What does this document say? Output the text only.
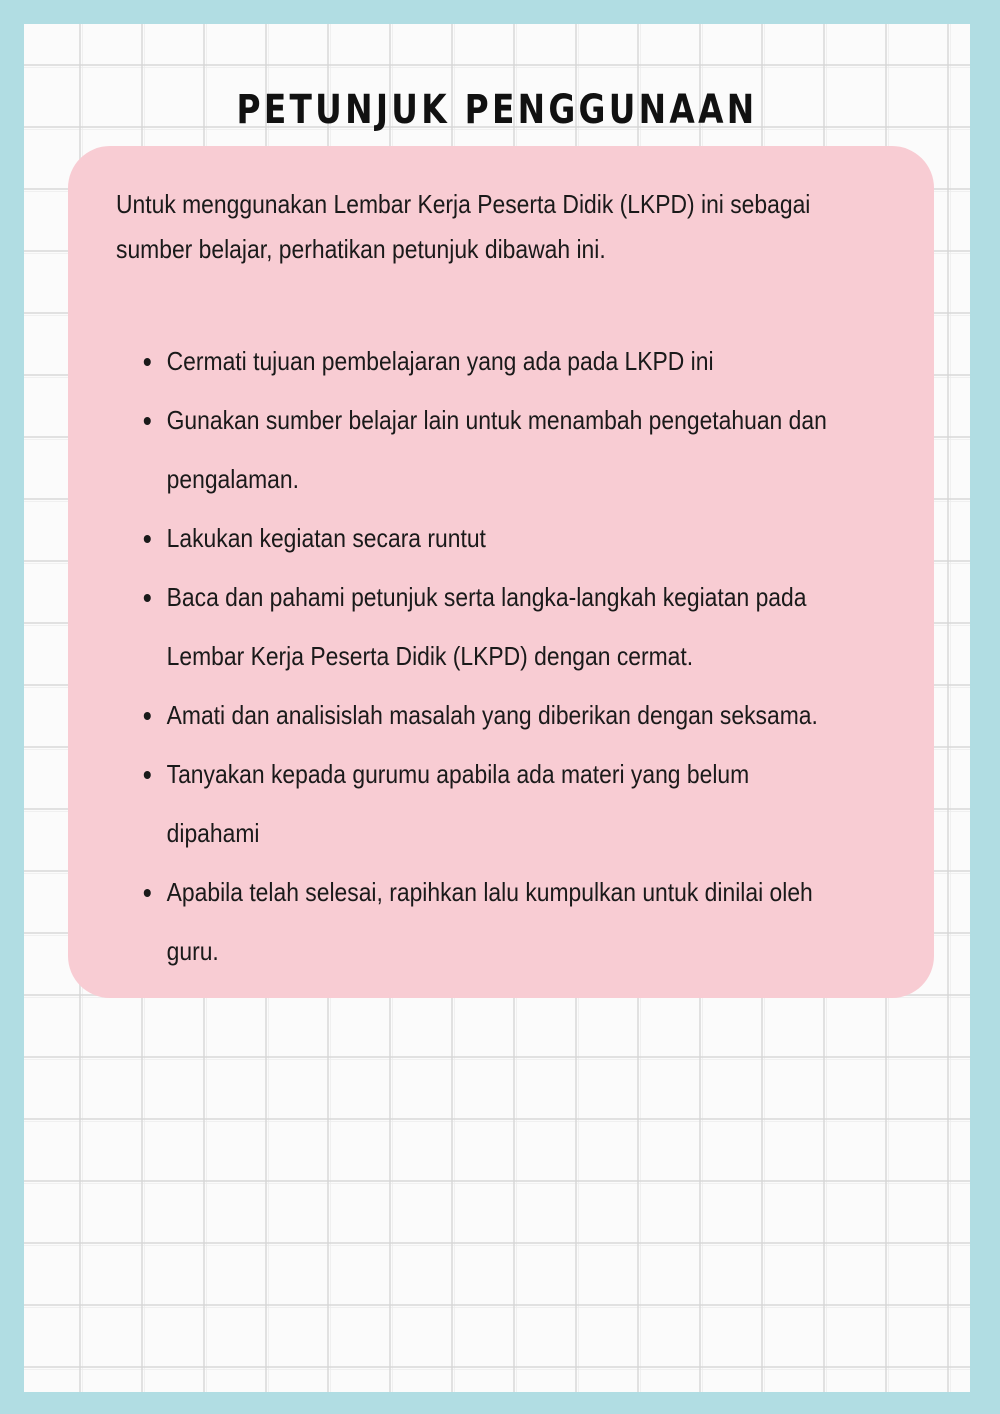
PETUNJUK PENGGUNAAN

Untuk menggunakan Lembar Kerja Peserta Didik (LKPD) ini sebagai
sumber belajar, perhatikan petunjuk dibawah ini.

Cermati tujuan pembelajaran yang ada pada LKPD ini
Gunakan sumber belajar lain untuk menambah pengetahuan dan
pengalaman.
Lakukan kegiatan secara runtut
Baca dan pahami petunjuk serta langka-langkah kegiatan pada
Lembar Kerja Peserta Didik (LKPD) dengan cermat.
Amati dan analisislah masalah yang diberikan dengan seksama.
Tanyakan kepada gurumu apabila ada materi yang belum
dipahami
Apabila telah selesai, rapihkan lalu kumpulkan untuk dinilai oleh
guru.
